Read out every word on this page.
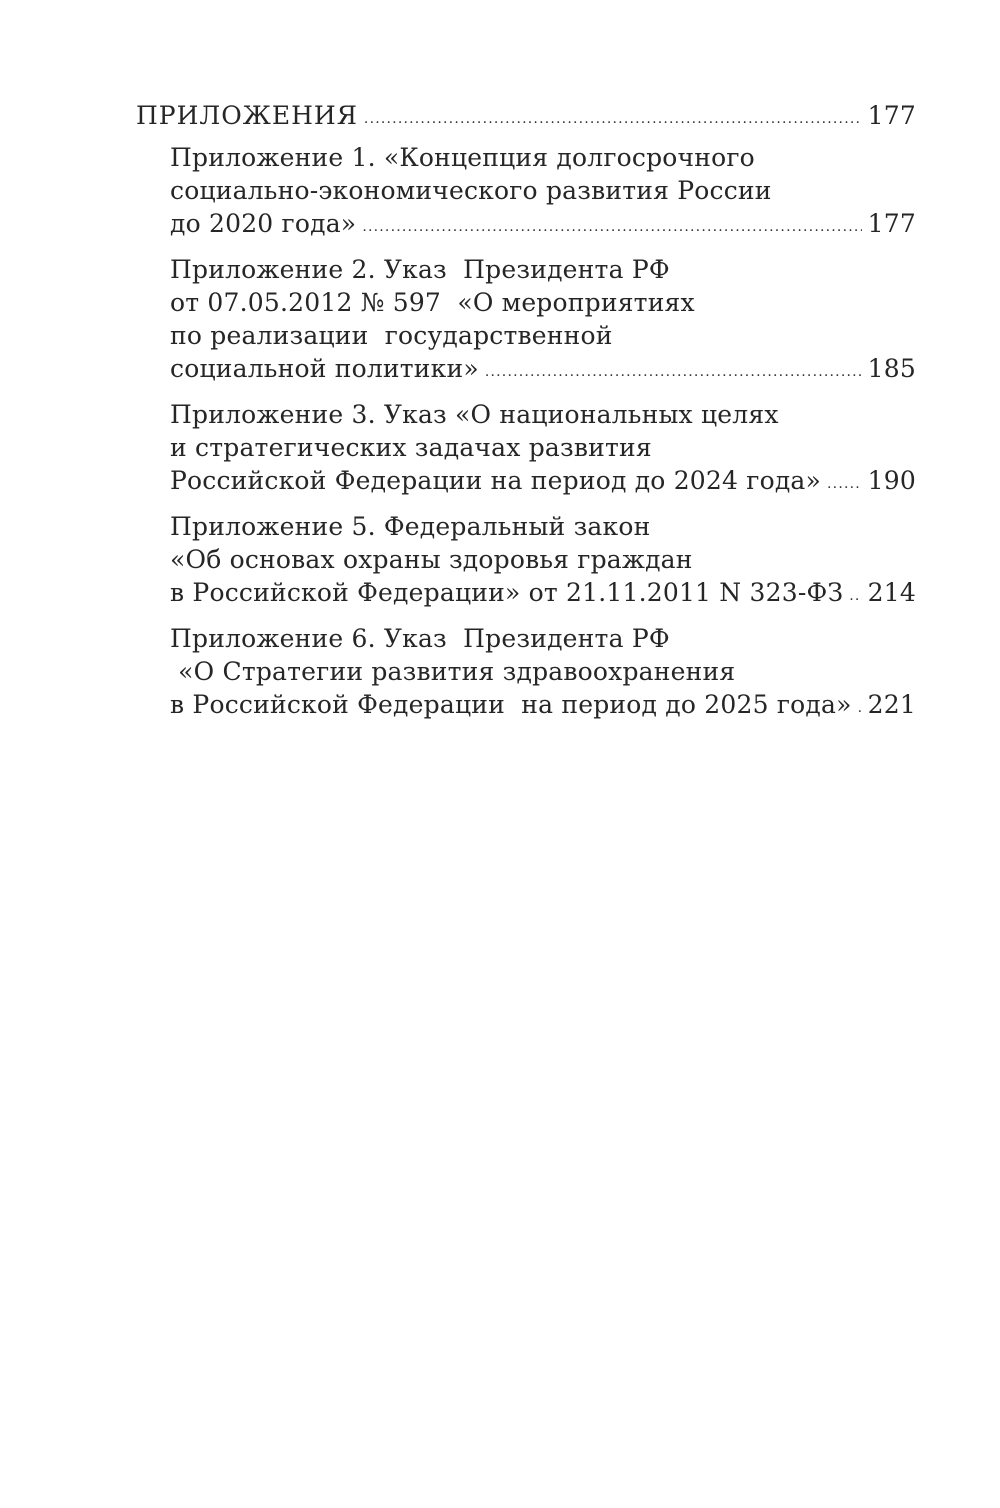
ПРИЛОЖЕНИЯ .....	177
Приложение 1. «Концепция долгосрочного
социально-экономического развития России
до 2020 года» .....	177
Приложение 2. Указ  Президента РФ
от 07.05.2012 № 597  «О мероприятиях
по реализации  государственной
социальной политики» .....	185
Приложение 3. Указ «О национальных целях
и стратегических задачах развития
Российской Федерации на период до 2024 года» ..... 190
Приложение 5. Федеральный закон
«Об основах охраны здоровья граждан
в Российской Федерации» от 21.11.2011 N 323-ФЗ ..... 214
Приложение 6. Указ  Президента РФ
«О Стратегии развития здравоохранения
в Российской Федерации  на период до 2025 года» ..... 221
